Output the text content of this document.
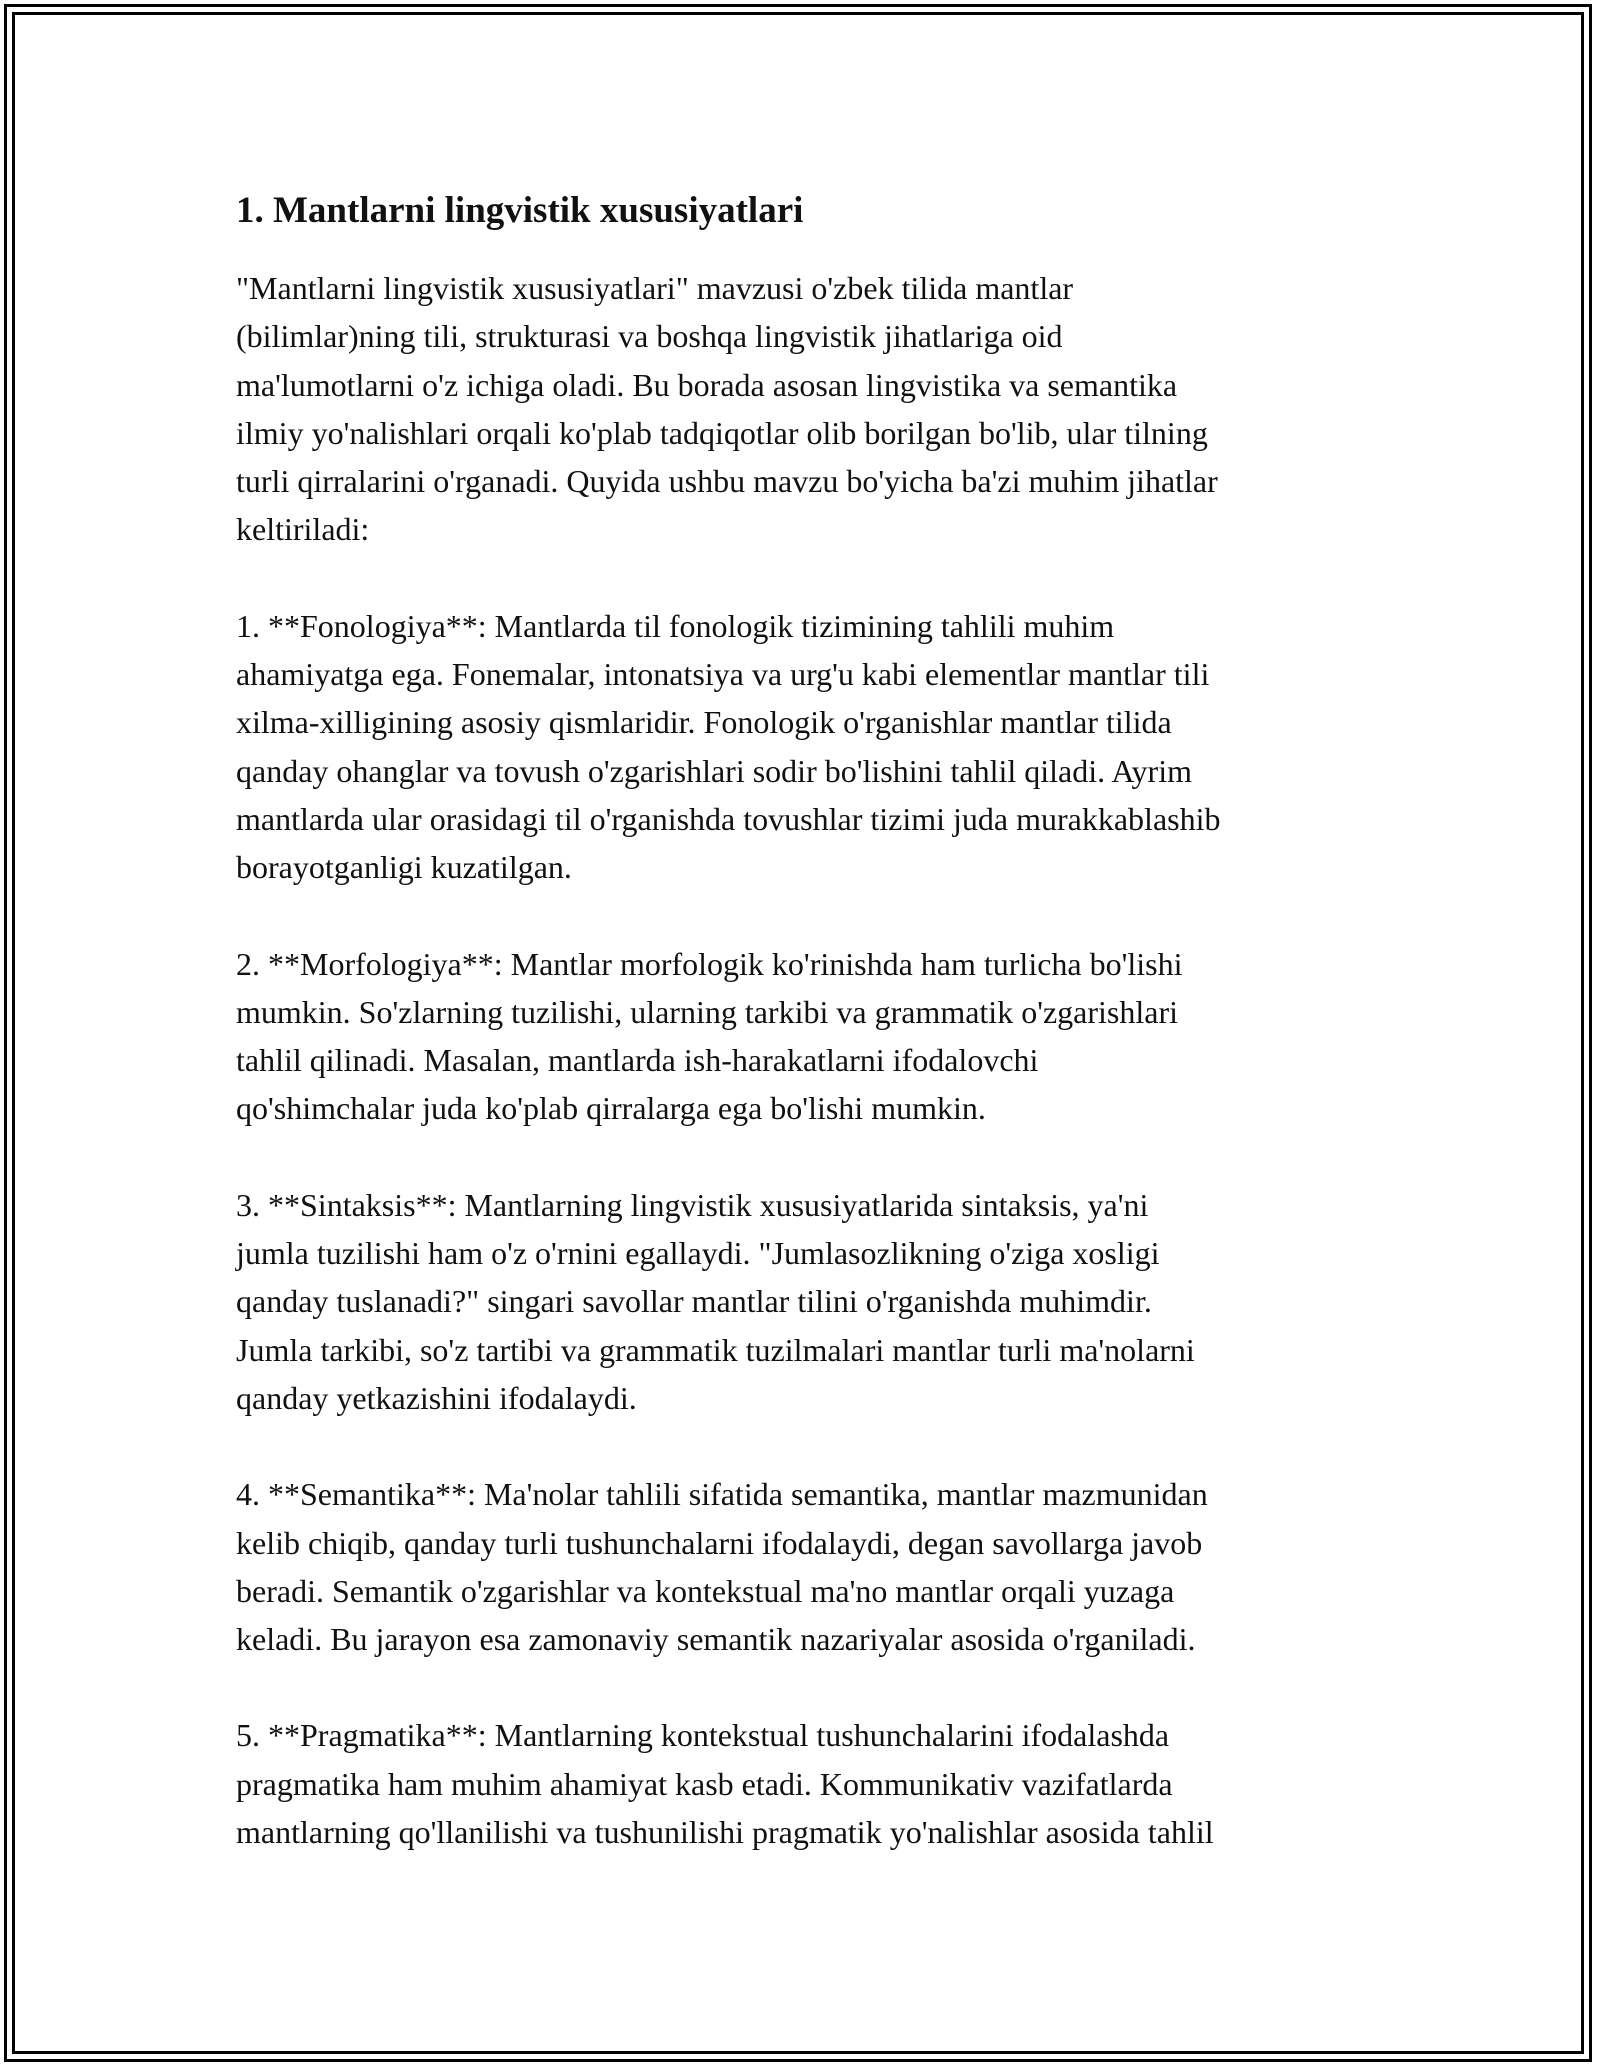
1. Mantlarni lingvistik xususiyatlari

"Mantlarni lingvistik xususiyatlari" mavzusi o'zbek tilida mantlar
(bilimlar)ning tili, strukturasi va boshqa lingvistik jihatlariga oid
ma'lumotlarni o'z ichiga oladi. Bu borada asosan lingvistika va semantika
ilmiy yo'nalishlari orqali ko'plab tadqiqotlar olib borilgan bo'lib, ular tilning
turli qirralarini o'rganadi. Quyida ushbu mavzu bo'yicha ba'zi muhim jihatlar
keltiriladi:

1. **Fonologiya**: Mantlarda til fonologik tizimining tahlili muhim
ahamiyatga ega. Fonemalar, intonatsiya va urg'u kabi elementlar mantlar tili
xilma-xilligining asosiy qismlaridir. Fonologik o'rganishlar mantlar tilida
qanday ohanglar va tovush o'zgarishlari sodir bo'lishini tahlil qiladi. Ayrim
mantlarda ular orasidagi til o'rganishda tovushlar tizimi juda murakkablashib
borayotganligi kuzatilgan.

2. **Morfologiya**: Mantlar morfologik ko'rinishda ham turlicha bo'lishi
mumkin. So'zlarning tuzilishi, ularning tarkibi va grammatik o'zgarishlari
tahlil qilinadi. Masalan, mantlarda ish-harakatlarni ifodalovchi
qo'shimchalar juda ko'plab qirralarga ega bo'lishi mumkin.

3. **Sintaksis**: Mantlarning lingvistik xususiyatlarida sintaksis, ya'ni
jumla tuzilishi ham o'z o'rnini egallaydi. "Jumlasozlikning o'ziga xosligi
qanday tuslanadi?" singari savollar mantlar tilini o'rganishda muhimdir.
Jumla tarkibi, so'z tartibi va grammatik tuzilmalari mantlar turli ma'nolarni
qanday yetkazishini ifodalaydi.

4. **Semantika**: Ma'nolar tahlili sifatida semantika, mantlar mazmunidan
kelib chiqib, qanday turli tushunchalarni ifodalaydi, degan savollarga javob
beradi. Semantik o'zgarishlar va kontekstual ma'no mantlar orqali yuzaga
keladi. Bu jarayon esa zamonaviy semantik nazariyalar asosida o'rganiladi.

5. **Pragmatika**: Mantlarning kontekstual tushunchalarini ifodalashda
pragmatika ham muhim ahamiyat kasb etadi. Kommunikativ vazifatlarda
mantlarning qo'llanilishi va tushunilishi pragmatik yo'nalishlar asosida tahlil
